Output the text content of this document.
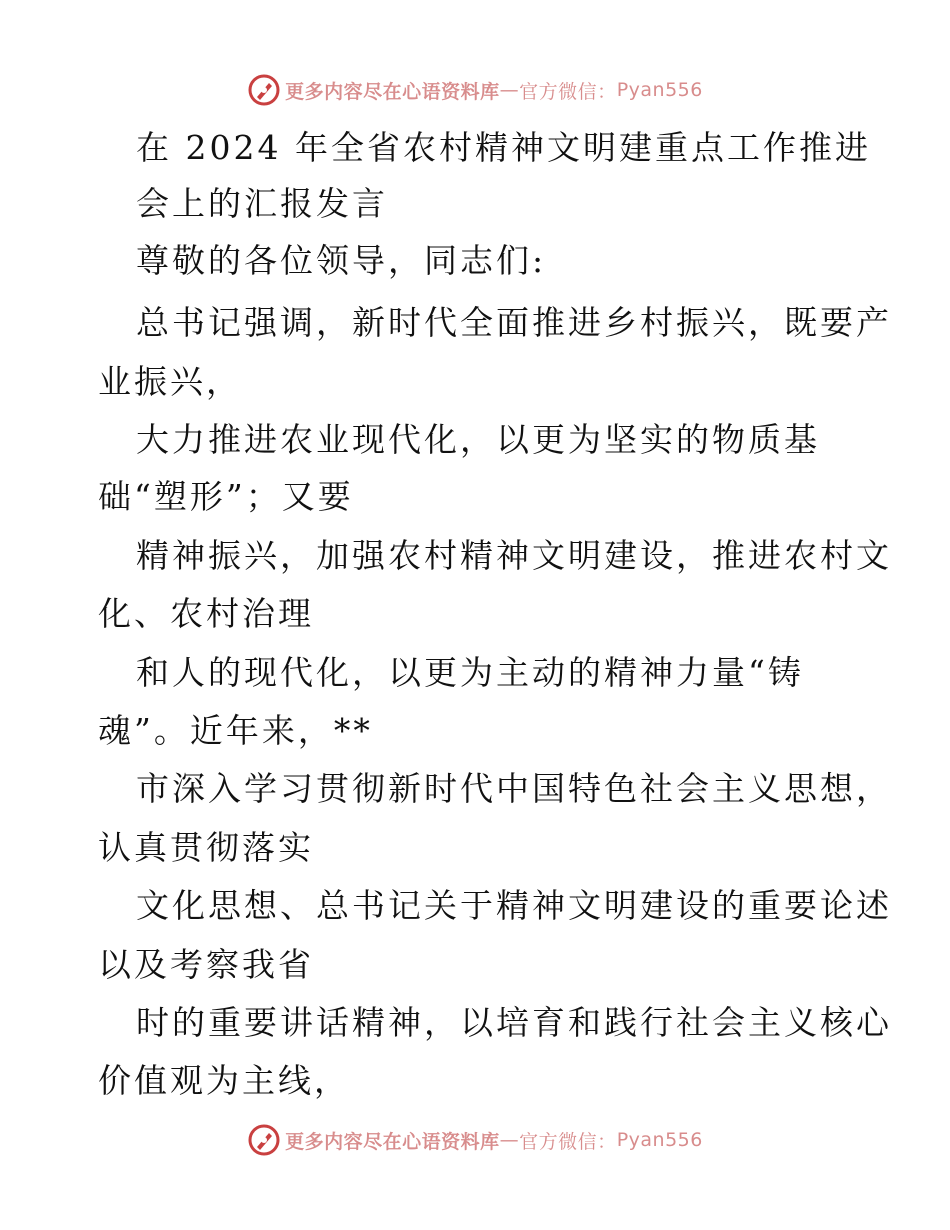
更多内容尽在心语资料库 — 官方微信： Pyan556
在 2024 年全省农村精神文明建重点工作推进
会上的汇报发言
尊敬的各位领导，同志们:
总书记强调，新时代全面推进乡村振兴，既要产
业振兴，
大力推进农业现代化，以更为坚实的物质基
础“塑形”；又要
精神振兴，加强农村精神文明建设，推进农村文
化、农村治理
和人的现代化，以更为主动的精神力量“铸
魂”。近年来，**
市深入学习贯彻新时代中国特色社会主义思想，
认真贯彻落实
文化思想、总书记关于精神文明建设的重要论述
以及考察我省
时的重要讲话精神，以培育和践行社会主义核心
价值观为主线，
更多内容尽在心语资料库 — 官方微信： Pyan556
